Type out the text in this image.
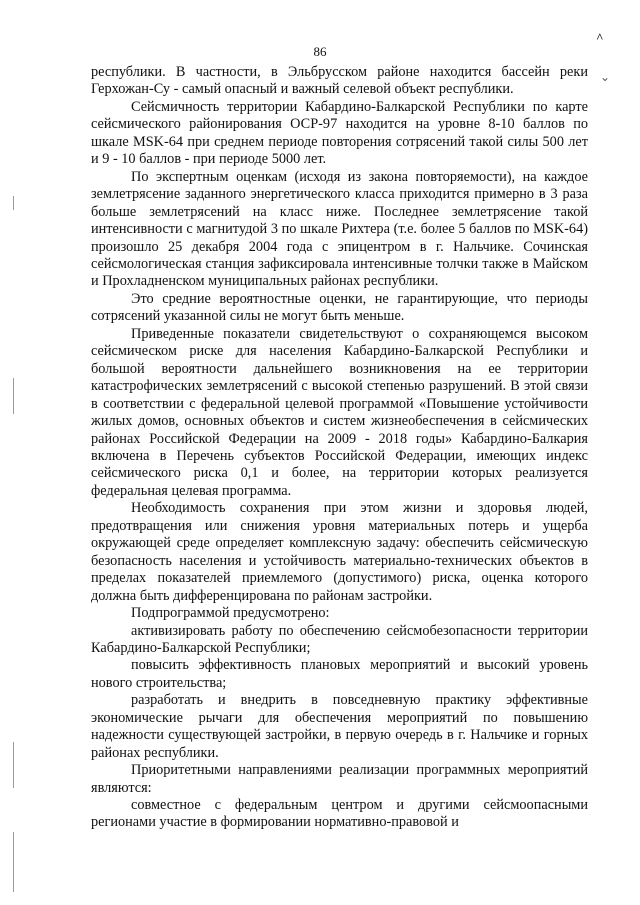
86
^
⌄

республики. В частности, в Эльбрусском районе находится бассейн реки Герхожан-Су - самый опасный и важный селевой объект республики.

Сейсмичность территории Кабардино-Балкарской Республики по карте сейсмического районирования ОСР-97 находится на уровне 8-10 баллов по шкале MSK-64 при среднем периоде повторения сотрясений такой силы 500 лет и 9 - 10 баллов - при периоде 5000 лет.

По экспертным оценкам (исходя из закона повторяемости), на каждое землетрясение заданного энергетического класса приходится примерно в 3 раза больше землетрясений на класс ниже. Последнее землетрясение такой интенсивности с магнитудой 3 по шкале Рихтера (т.е. более 5 баллов по MSK-64) произошло 25 декабря 2004 года с эпицентром в г. Нальчике. Сочинская сейсмологическая станция зафиксировала интенсивные толчки также в Майском и Прохладненском муниципальных районах республики.

Это средние вероятностные оценки, не гарантирующие, что периоды сотрясений указанной силы не могут быть меньше.

Приведенные показатели свидетельствуют о сохраняющемся высоком сейсмическом риске для населения Кабардино-Балкарской Республики и большой вероятности дальнейшего возникновения на ее территории катастрофических землетрясений с высокой степенью разрушений. В этой связи в соответствии с федеральной целевой программой «Повышение устойчивости жилых домов, основных объектов и систем жизнеобеспечения в сейсмических районах Российской Федерации на 2009 - 2018 годы» Кабардино-Балкария включена в Перечень субъектов Российской Федерации, имеющих индекс сейсмического риска 0,1 и более, на территории которых реализуется федеральная целевая программа.

Необходимость сохранения при этом жизни и здоровья людей, предотвращения или снижения уровня материальных потерь и ущерба окружающей среде определяет комплексную задачу: обеспечить сейсмическую безопасность населения и устойчивость материально-технических объектов в пределах показателей приемлемого (допустимого) риска, оценка которого должна быть дифференцирована по районам застройки.

Подпрограммой предусмотрено:

активизировать работу по обеспечению сейсмобезопасности территории Кабардино-Балкарской Республики;

повысить эффективность плановых мероприятий и высокий уровень нового строительства;

разработать и внедрить в повседневную практику эффективные экономические рычаги для обеспечения мероприятий по повышению надежности существующей застройки, в первую очередь в г. Нальчике и горных районах республики.

Приоритетными направлениями реализации программных мероприятий являются:

совместное с федеральным центром и другими сейсмоопасными регионами участие в формировании нормативно-правовой и
